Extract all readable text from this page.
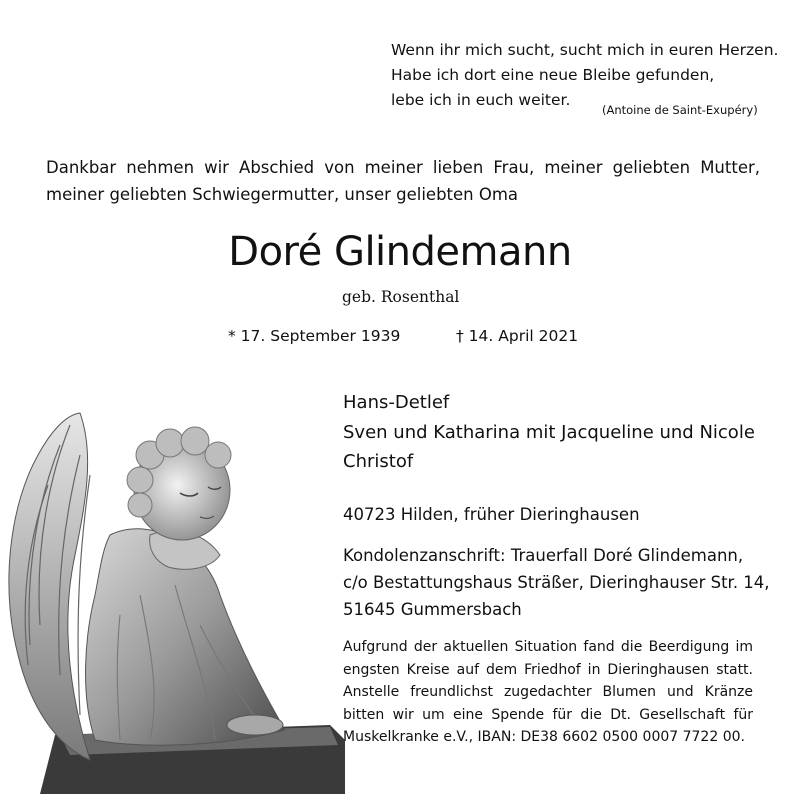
Wenn ihr mich sucht, sucht mich in euren Herzen.
Habe ich dort eine neue Bleibe gefunden,
lebe ich in euch weiter.
(Antoine de Saint-Exupéry)
Dankbar nehmen wir Abschied von meiner lieben Frau, meiner geliebten Mutter, meiner geliebten Schwiegermutter, unser geliebten Oma
Doré Glindemann
geb. Rosenthal
* 17. September 1939	† 14. April 2021
Hans-Detlef
Sven und Katharina mit Jacqueline und Nicole
Christof
40723 Hilden, früher Dieringhausen
Kondolenzanschrift: Trauerfall Doré Glindemann,
c/o Bestattungshaus Sträßer, Dieringhauser Str. 14,
51645 Gummersbach
Aufgrund der aktuellen Situation fand die Beerdigung im engsten Kreise auf dem Friedhof in Dieringhausen statt. Anstelle freundlichst zugedachter Blumen und Kränze bitten wir um eine Spende für die Dt. Gesellschaft für Muskelkranke e.V., IBAN: DE38 6602 0500 0007 7722 00.
